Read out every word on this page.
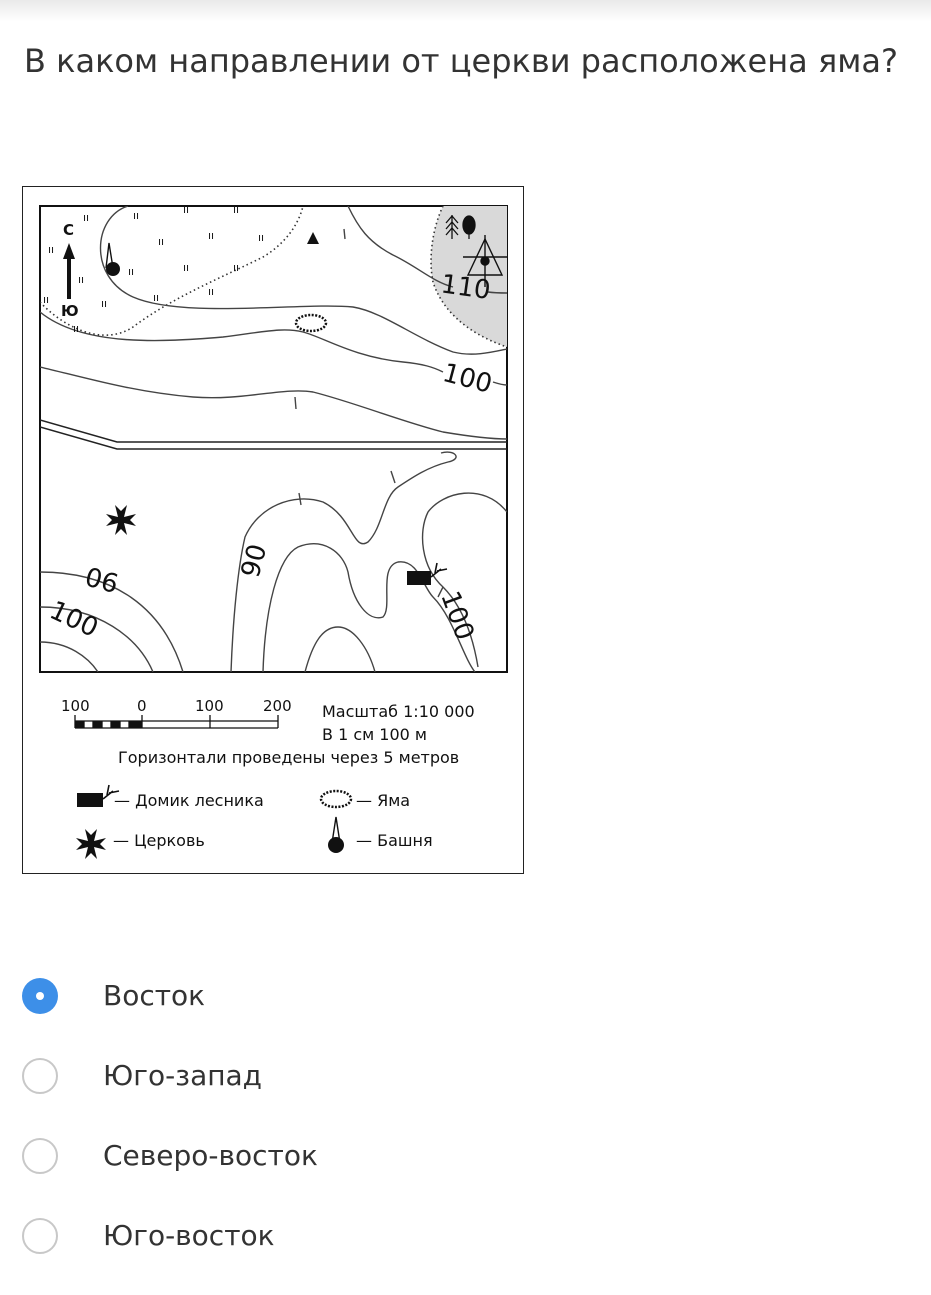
В каком направлении от церкви расположена яма?
110
100
06
100
90
100
ıı	ıı	ıı	ıı
ıı	ıı	ıı
ıı
ıı	ıı	ıı
ıı
ıı
ıı	ıı	ıı
ıı
С
Ю
100	0	100	200 Масштаб 1:10 000
В 1 см 100 м
Горизонтали проведены через 5 метров
— Домик лесника	— Яма
— Церковь	— Башня
Восток
Юго-запад
Северо-восток
Юго-восток
